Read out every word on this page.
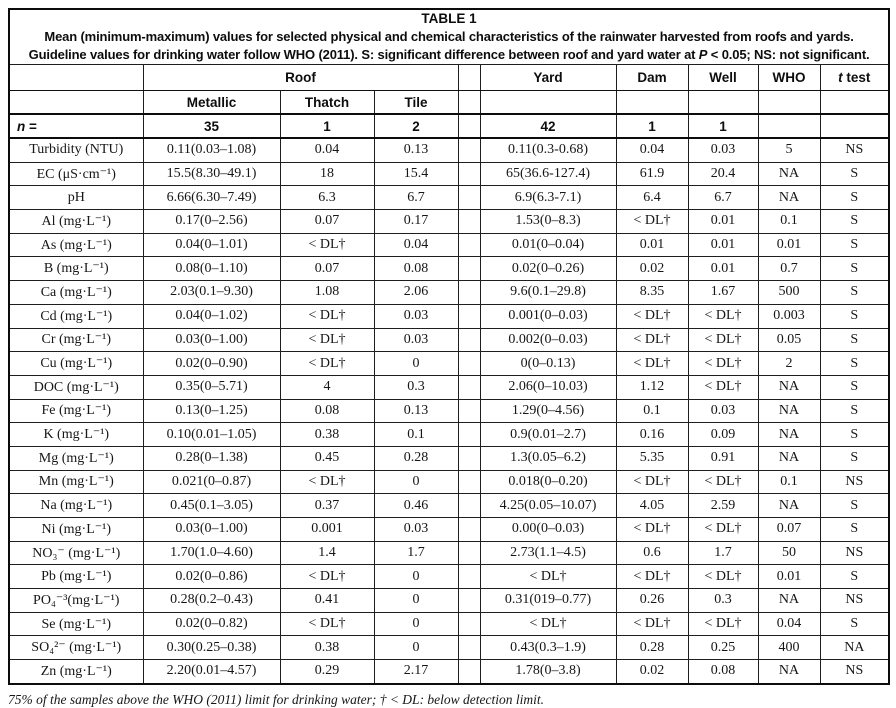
TABLE 1
Mean (minimum-maximum) values for selected physical and chemical characteristics of the rainwater harvested from roofs and yards.
Guideline values for drinking water follow WHO (2011). S: significant difference between roof and yard water at P < 0.05; NS: not significant.									

	Roof				Yard	Dam	Well	WHO	t test
	Metallic	Thatch	Tile						
n =	35	1	2		42	1	1		
Turbidity (NTU)	0.11(0.03–1.08)	0.04	0.13		0.11(0.3-0.68)	0.04	0.03	5	NS
EC (μS·cm⁻¹)	15.5(8.30–49.1)	18	15.4		65(36.6-127.4)	61.9	20.4	NA	S
pH	6.66(6.30–7.49)	6.3	6.7		6.9(6.3-7.1)	6.4	6.7	NA	S
Al (mg·L⁻¹)	0.17(0–2.56)	0.07	0.17		1.53(0–8.3)	< DL†	0.01	0.1	S
As (mg·L⁻¹)	0.04(0–1.01)	< DL†	0.04		0.01(0–0.04)	0.01	0.01	0.01	S
B (mg·L⁻¹)	0.08(0–1.10)	0.07	0.08		0.02(0–0.26)	0.02	0.01	0.7	S
Ca (mg·L⁻¹)	2.03(0.1–9.30)	1.08	2.06		9.6(0.1–29.8)	8.35	1.67	500	S
Cd (mg·L⁻¹)	0.04(0–1.02)	< DL†	0.03		0.001(0–0.03)	< DL†	< DL†	0.003	S
Cr (mg·L⁻¹)	0.03(0–1.00)	< DL†	0.03		0.002(0–0.03)	< DL†	< DL†	0.05	S
Cu (mg·L⁻¹)	0.02(0–0.90)	< DL†	0		0(0–0.13)	< DL†	< DL†	2	S
DOC (mg·L⁻¹)	0.35(0–5.71)	4	0.3		2.06(0–10.03)	1.12	< DL†	NA	S
Fe (mg·L⁻¹)	0.13(0–1.25)	0.08	0.13		1.29(0–4.56)	0.1	0.03	NA	S
K (mg·L⁻¹)	0.10(0.01–1.05)	0.38	0.1		0.9(0.01–2.7)	0.16	0.09	NA	S
Mg (mg·L⁻¹)	0.28(0–1.38)	0.45	0.28		1.3(0.05–6.2)	5.35	0.91	NA	S
Mn (mg·L⁻¹)	0.021(0–0.87)	< DL†	0		0.018(0–0.20)	< DL†	< DL†	0.1	NS
Na (mg·L⁻¹)	0.45(0.1–3.05)	0.37	0.46		4.25(0.05–10.07)	4.05	2.59	NA	S
Ni (mg·L⁻¹)	0.03(0–1.00)	0.001	0.03		0.00(0–0.03)	< DL†	< DL†	0.07	S
NO₃⁻ (mg·L⁻¹)	1.70(1.0–4.60)	1.4	1.7		2.73(1.1–4.5)	0.6	1.7	50	NS
Pb (mg·L⁻¹)	0.02(0–0.86)	< DL†	0		< DL†	< DL†	< DL†	0.01	S
PO₄⁻³(mg·L⁻¹)	0.28(0.2–0.43)	0.41	0		0.31(019–0.77)	0.26	0.3	NA	NS
Se (mg·L⁻¹)	0.02(0–0.82)	< DL†	0		< DL†	< DL†	< DL†	0.04	S
SO₄²⁻ (mg·L⁻¹)	0.30(0.25–0.38)	0.38	0		0.43(0.3–1.9)	0.28	0.25	400	NA
Zn (mg·L⁻¹)	2.20(0.01–4.57)	0.29	2.17		1.78(0–3.8)	0.02	0.08	NA	NS
75% of the samples above the WHO (2011) limit for drinking water; † < DL: below detection limit.
